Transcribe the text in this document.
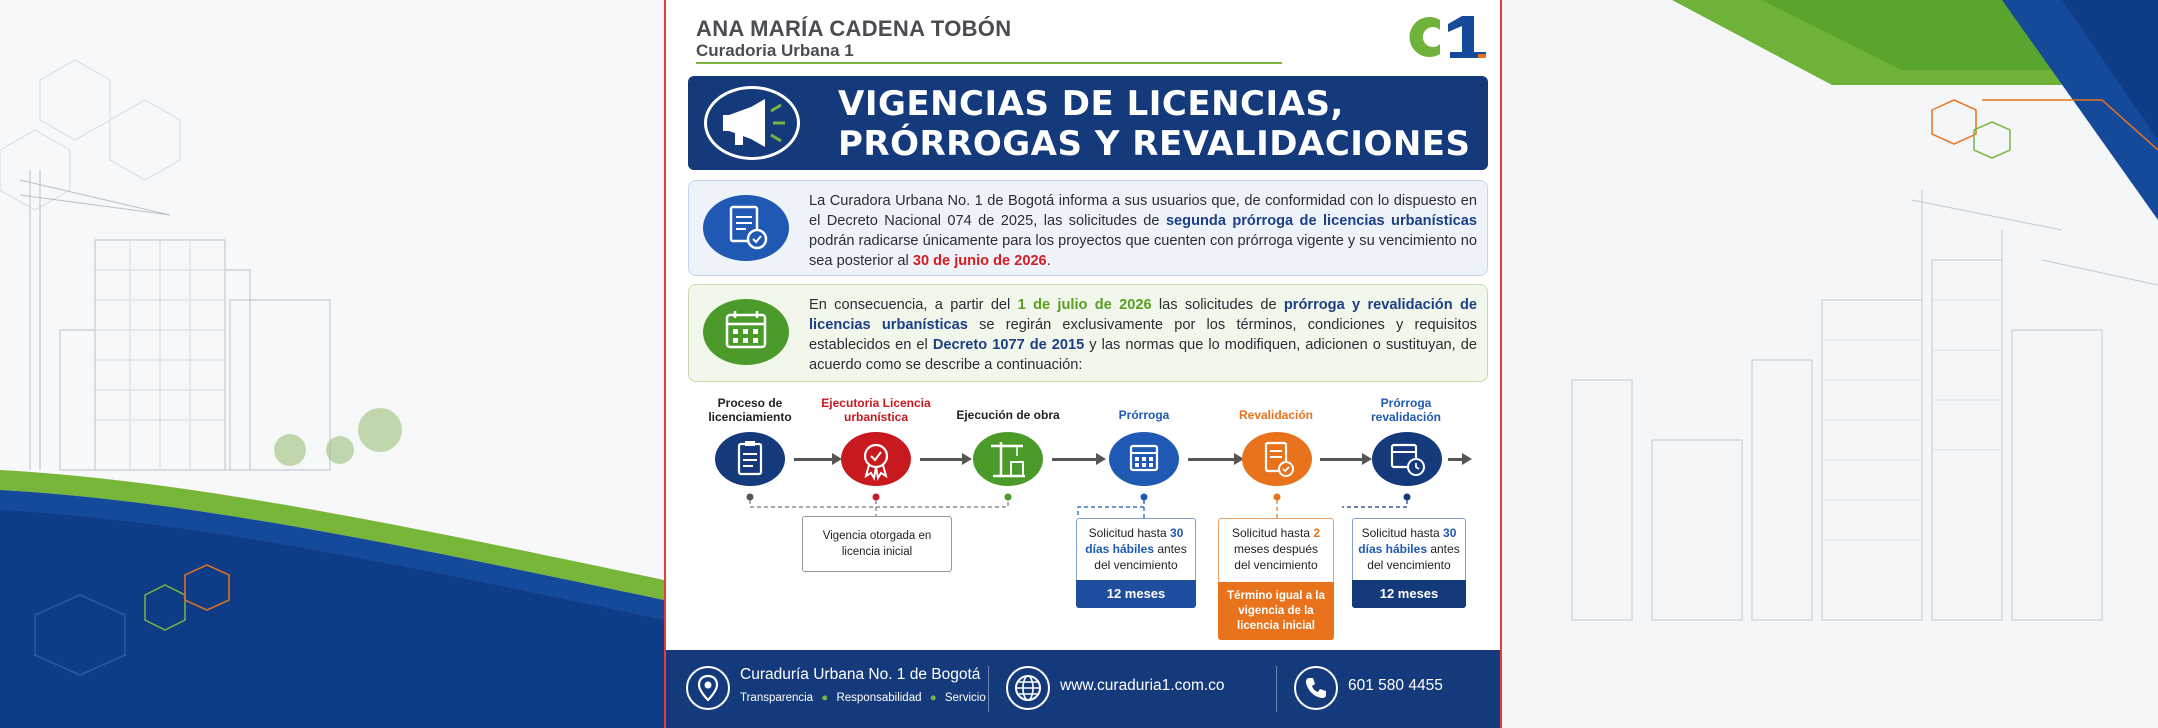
ANA MARÍA CADENA TOBÓN
Curadoria Urbana 1
VIGENCIAS DE LICENCIAS,
PRÓRROGAS Y REVALIDACIONES
La Curadora Urbana No. 1 de Bogotá informa a sus usuarios que, de conformidad con lo dispuesto en el Decreto Nacional 074 de 2025, las solicitudes de segunda prórroga de licencias urbanísticas podrán radicarse únicamente para los proyectos que cuenten con prórroga vigente y su vencimiento no sea posterior al 30 de junio de 2026.
En consecuencia, a partir del 1 de julio de 2026 las solicitudes de prórroga y revalidación de licencias urbanísticas se regirán exclusivamente por los términos, condiciones y requisitos establecidos en el Decreto 1077 de 2015 y las normas que lo modifiquen, adicionen o sustituyan, de acuerdo como se describe a continuación:
Proceso de
licenciamiento
Ejecutoria Licencia
urbanística	Ejecución de obra	Prórroga	Revalidación
Prórroga
revalidación
Vigencia otorgada en
licencia inicial
Solicitud hasta 30
días hábiles antes
del vencimiento
12 meses
Solicitud hasta 2
meses después
del vencimiento
Término igual a la
vigencia de la
licencia inicial
Solicitud hasta 30
días hábiles antes
del vencimiento
12 meses
Curaduría Urbana No. 1 de Bogotá
Transparencia ● Responsabilidad ● Servicio
www.curaduria1.com.co	601 580 4455
